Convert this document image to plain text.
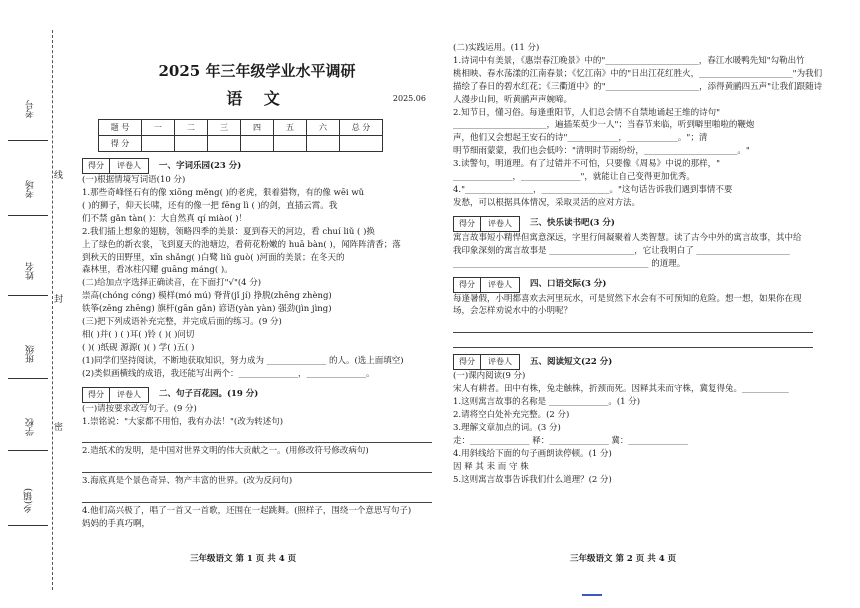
考号
考场
姓名
班级
学校
乡(镇)
线
封
密
2025 年三年级学业水平调研
语 文	2025.06
题 号	一	二	三	四	五	六	总 分
得 分							
得分	评卷人	一、字词乐园(23 分)

(一)根据情境写词语(10 分)

1.那些奇峰怪石有的像 xiōng měng( )的老虎，狠着猎物，有的像 wēi wǔ

( )的狮子，仰天长啸，还有的像一把 fēng lì ( )的剑，直插云霄。我

们不禁 gǎn tàn( )：大自然真 qí miào( )！

2.我们插上想象的翅膀，领略四季的美景：夏到春天的河边，看 chuí liǔ ( )换

上了绿色的新衣裳，飞到夏天的池塘边，看荷花粉嫩的 huā bàn( )，闻阵阵清香；落

到秋天的田野里，xīn shǎng( )白鹭 liǔ guò( )河面的美景；在冬天的

森林里，看冰柱闪耀 guāng máng( )。

(二)给加点字选择正确读音，在下面打"√"(4 分)

崇高(chóng cóng) 模样(mó mú) 脊背(jǐ jí) 挣脱(zhēng zhèng)

铁筝(zēng zhēng) 旗杆(gān gǎn) 谚语(yàn yàn) 强劲(jìn jìng)

(三)把下列成语补充完整，并完成后面的练习。(9 分)

相( )并( ) ( )耳( )铃 ( )( )问切

( )( )纸砚 源源( )( ) 学( )五( )

(1)同学们坚持阅读，不断地获取知识，努力成为 ______________ 的人。(选上面填空)

(2)类似画横线的成语，我还能写出两个：______________，______________。

得分	评卷人	二、句子百花园。(19 分)

(一)请按要求改写句子。(9 分)

1.崇铭说："大家都不用怕，我有办法！"(改为转述句)

2.造纸术的发明，是中国对世界文明的伟大贡献之一。(用修改符号修改病句)

3.海底真是个景色奇异、物产丰富的世界。(改为反问句)

4.他们高兴极了，唱了一首又一首歌，还围在一起跳舞。(照样子，围绕一个意思写句子)

妈妈的手真巧啊，

三年级语文 第 1 页 共 4 页

(二)实践运用。(11 分)

1.诗词中有美景，《惠崇春江晚景》中的"______________________，春江水暖鸭先知"勾勒出竹

桃相映、春水荡漾的江南春景；《忆江南》中的"日出江花红胜火，______________________"为我们

描绘了春日的碧水红花；《三衢道中》的"______________________，添得黄鹂四五声"让我们跟随诗

人漫步山间，听黄鹂声声婉啼。

2.知节日，懂习俗。每逢重阳节，人们总会情不自禁地诵起王维的诗句"

______________________，遍插茱萸少一人"；当春节来临，听到噼里啪啦的鞭炮

声，他们又会想起王安石的诗"____________，____________。"；清

明节细雨蒙蒙，我们也会低吟："清明时节雨纷纷，______________________。"

3.读警句，明道理。有了过错并不可怕，只要像《周易》中说的那样，"

______________，______________"，就能让自己变得更加优秀。

4."________________，________________。"这句话告诉我们遇到事情不要

发愁，可以根据具体情况，采取灵活的应对方法。

得分	评卷人	三、快乐读书吧(3 分)

寓言故事短小精悍但寓意深远，字里行间凝聚着人类智慧。读了古今中外的寓言故事，其中给

我印象深刻的寓言故事是 ____________________，它让我明白了 ______________________

______________________________________________ 的道理。

得分	评卷人	四、口语交际(3 分)

每逢暑假，小明都喜欢去河里玩水，可是贸然下水会有不可预知的危险。想一想，如果你在现

场，会怎样劝说水中的小明呢？

得分	评卷人	五、阅读短文(22 分)

(一)课内阅读(9 分)

宋人有耕者。田中有株，兔走触株，折颈而死。因释其耒而守株，冀复得兔。___________

1.这则寓言故事的名称是 ______________。(1 分)

2.请将空白处补充完整。(2 分)

3.理解文章加点的词。(3 分)

走：______________ 释：______________ 冀：______________

4.用斜线给下面的句子画朗读停顿。(1 分)

因 释 其 耒 而 守 株

5.这则寓言故事告诉我们什么道理？(2 分)

三年级语文 第 2 页 共 4 页
